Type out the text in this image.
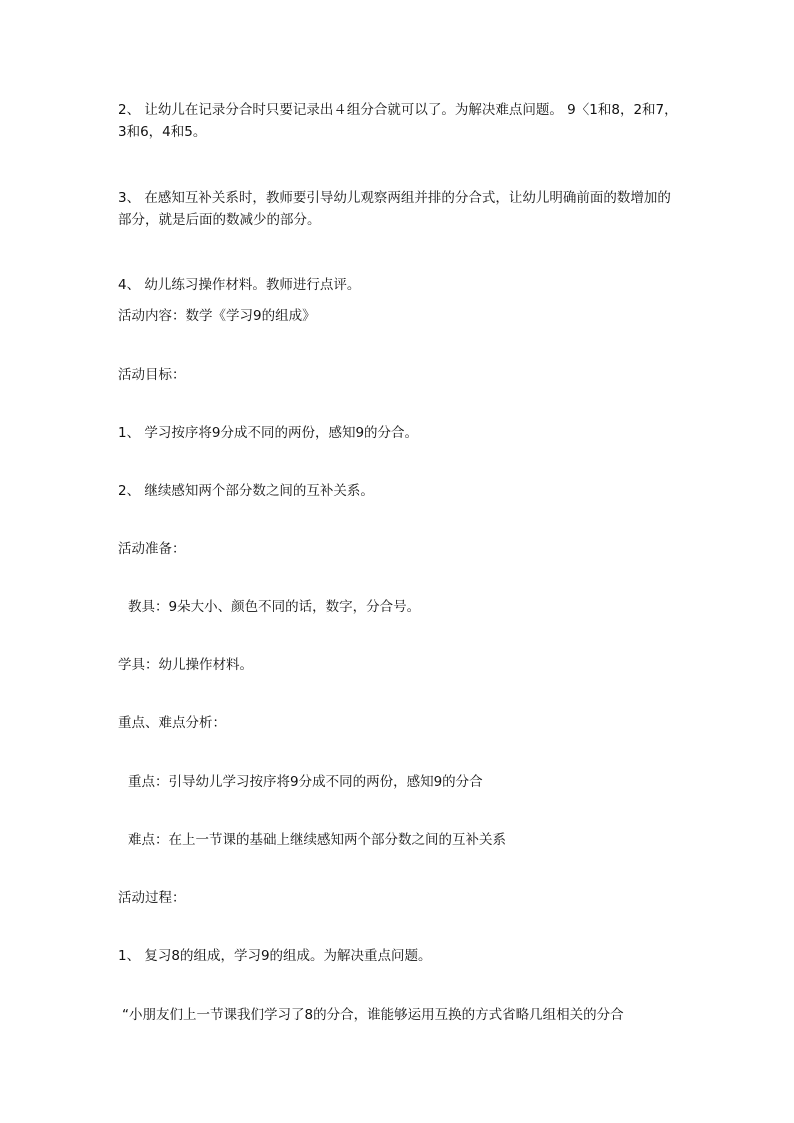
2、 让幼儿在记录分合时只要记录出４组分合就可以了。为解决难点问题。 9〈1和8，2和7，3和6，4和5。
3、 在感知互补关系时，教师要引导幼儿观察两组并排的分合式，让幼儿明确前面的数增加的部分，就是后面的数减少的部分。
4、 幼儿练习操作材料。教师进行点评。
活动内容：数学《学习9的组成》
活动目标：
1、 学习按序将9分成不同的两份，感知9的分合。
2、 继续感知两个部分数之间的互补关系。
活动准备：
教具：9朵大小、颜色不同的话，数字，分合号。
学具：幼儿操作材料。
重点、难点分析：
重点：引导幼儿学习按序将9分成不同的两份，感知9的分合
难点：在上一节课的基础上继续感知两个部分数之间的互补关系
活动过程：
1、 复习8的组成，学习9的组成。为解决重点问题。
“小朋友们上一节课我们学习了8的分合，谁能够运用互换的方式省略几组相关的分合
